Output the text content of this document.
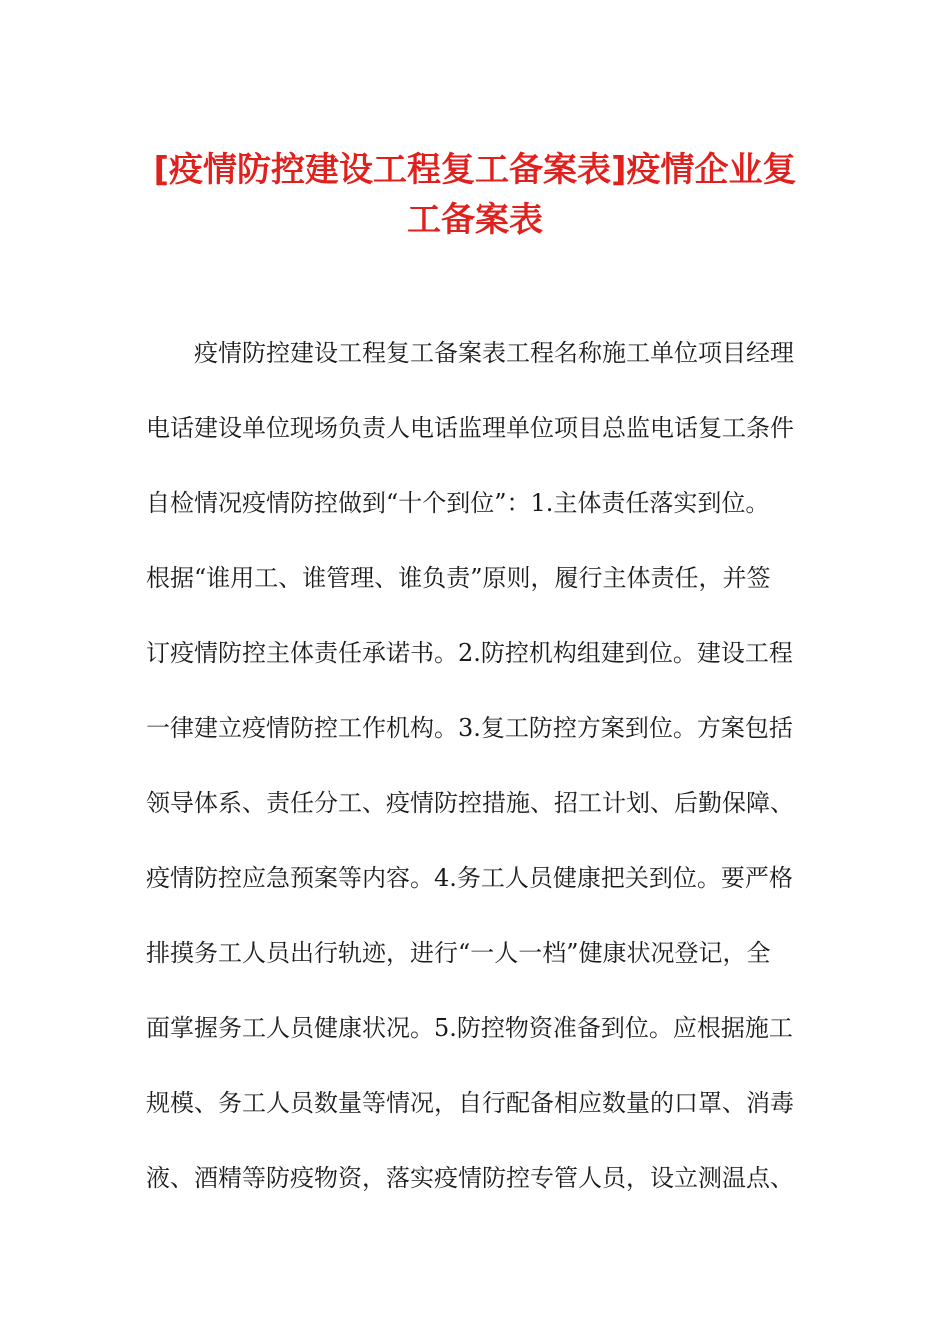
[疫情防控建设工程复工备案表]疫情企业复
工备案表
疫情防控建设工程复工备案表工程名称施工单位项目经理
电话建设单位现场负责人电话监理单位项目总监电话复工条件
自检情况疫情防控做到“十个到位”：1.主体责任落实到位。
根据“谁用工、谁管理、谁负责”原则，履行主体责任，并签
订疫情防控主体责任承诺书。2.防控机构组建到位。建设工程
一律建立疫情防控工作机构。3.复工防控方案到位。方案包括
领导体系、责任分工、疫情防控措施、招工计划、后勤保障、
疫情防控应急预案等内容。4.务工人员健康把关到位。要严格
排摸务工人员出行轨迹，进行“一人一档”健康状况登记，全
面掌握务工人员健康状况。5.防控物资准备到位。应根据施工
规模、务工人员数量等情况，自行配备相应数量的口罩、消毒
液、酒精等防疫物资，落实疫情防控专管人员，设立测温点、
